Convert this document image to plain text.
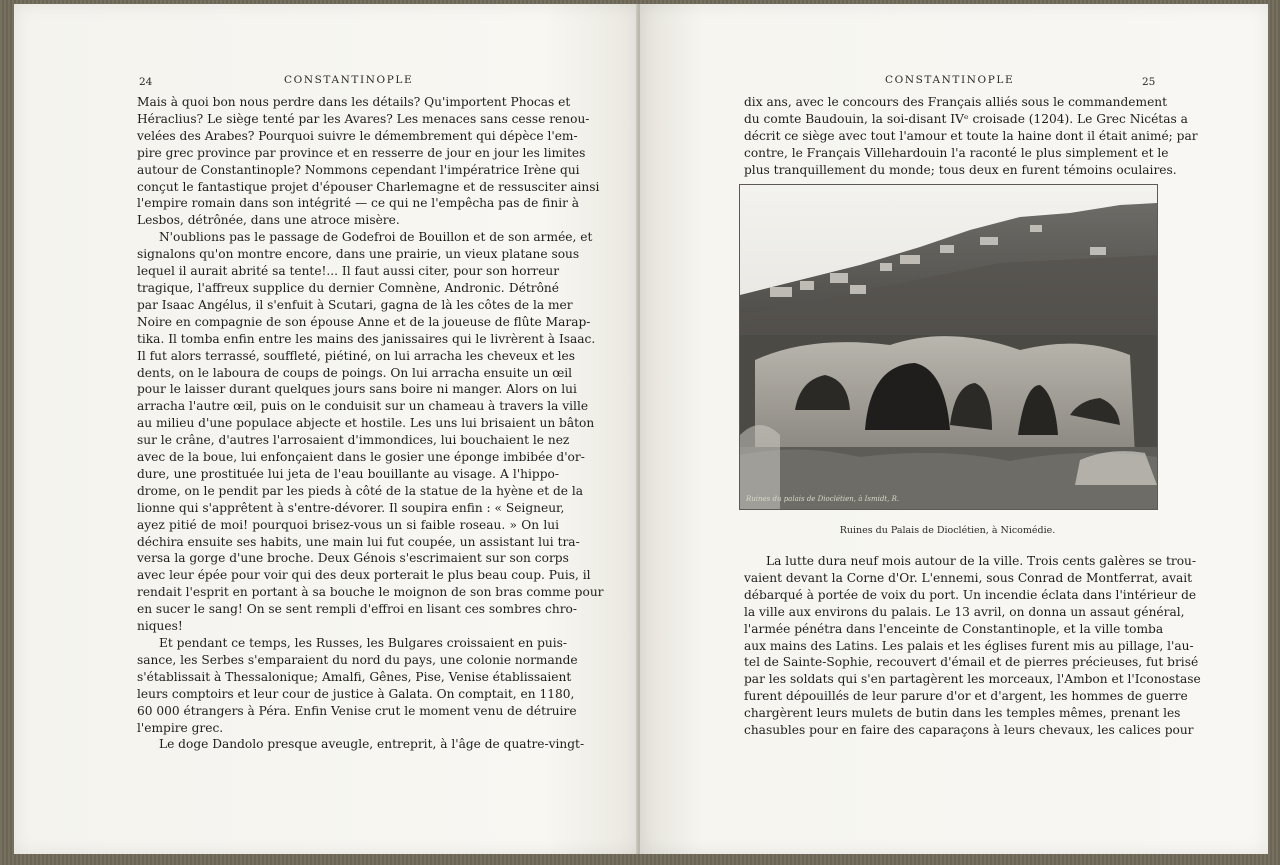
24	CONSTANTINOPLE

Mais à quoi bon nous perdre dans les détails? Qu'importent Phocas et
Héraclius? Le siège tenté par les Avares? Les menaces sans cesse renou-
velées des Arabes? Pourquoi suivre le démembrement qui dépèce l'em-
pire grec province par province et en resserre de jour en jour les limites
autour de Constantinople? Nommons cependant l'impératrice Irène qui
conçut le fantastique projet d'épouser Charlemagne et de ressusciter ainsi
l'empire romain dans son intégrité — ce qui ne l'empêcha pas de finir à
Lesbos, détrônée, dans une atroce misère.

N'oublions pas le passage de Godefroi de Bouillon et de son armée, et
signalons qu'on montre encore, dans une prairie, un vieux platane sous
lequel il aurait abrité sa tente!... Il faut aussi citer, pour son horreur
tragique, l'affreux supplice du dernier Comnène, Andronic. Détrôné
par Isaac Angélus, il s'enfuit à Scutari, gagna de là les côtes de la mer
Noire en compagnie de son épouse Anne et de la joueuse de flûte Marap-
tika. Il tomba enfin entre les mains des janissaires qui le livrèrent à Isaac.
Il fut alors terrassé, souffleté, piétiné, on lui arracha les cheveux et les
dents, on le laboura de coups de poings. On lui arracha ensuite un œil
pour le laisser durant quelques jours sans boire ni manger. Alors on lui
arracha l'autre œil, puis on le conduisit sur un chameau à travers la ville
au milieu d'une populace abjecte et hostile. Les uns lui brisaient un bâton
sur le crâne, d'autres l'arrosaient d'immondices, lui bouchaient le nez
avec de la boue, lui enfonçaient dans le gosier une éponge imbibée d'or-
dure, une prostituée lui jeta de l'eau bouillante au visage. A l'hippo-
drome, on le pendit par les pieds à côté de la statue de la hyène et de la
lionne qui s'apprêtent à s'entre-dévorer. Il soupira enfin : « Seigneur,
ayez pitié de moi! pourquoi brisez-vous un si faible roseau. » On lui
déchira ensuite ses habits, une main lui fut coupée, un assistant lui tra-
versa la gorge d'une broche. Deux Génois s'escrimaient sur son corps
avec leur épée pour voir qui des deux porterait le plus beau coup. Puis, il
rendait l'esprit en portant à sa bouche le moignon de son bras comme pour
en sucer le sang! On se sent rempli d'effroi en lisant ces sombres chro-
niques!

Et pendant ce temps, les Russes, les Bulgares croissaient en puis-
sance, les Serbes s'emparaient du nord du pays, une colonie normande
s'établissait à Thessalonique; Amalfi, Gênes, Pise, Venise établissaient
leurs comptoirs et leur cour de justice à Galata. On comptait, en 1180,
60 000 étrangers à Péra. Enfin Venise crut le moment venu de détruire
l'empire grec.

Le doge Dandolo presque aveugle, entreprit, à l'âge de quatre-vingt-

CONSTANTINOPLE	25

dix ans, avec le concours des Français alliés sous le commandement
du comte Baudouin, la soi-disant IVᵉ croisade (1204). Le Grec Nicétas a
décrit ce siège avec tout l'amour et toute la haine dont il était animé; par
contre, le Français Villehardouin l'a raconté le plus simplement et le
plus tranquillement du monde; tous deux en furent témoins oculaires.

Ruines du palais de Dioclétien, à Ismidt, R.
Ruines du Palais de Dioclétien, à Nicomédie.

La lutte dura neuf mois autour de la ville. Trois cents galères se trou-
vaient devant la Corne d'Or. L'ennemi, sous Conrad de Montferrat, avait
débarqué à portée de voix du port. Un incendie éclata dans l'intérieur de
la ville aux environs du palais. Le 13 avril, on donna un assaut général,
l'armée pénétra dans l'enceinte de Constantinople, et la ville tomba
aux mains des Latins. Les palais et les églises furent mis au pillage, l'au-
tel de Sainte-Sophie, recouvert d'émail et de pierres précieuses, fut brisé
par les soldats qui s'en partagèrent les morceaux, l'Ambon et l'Iconostase
furent dépouillés de leur parure d'or et d'argent, les hommes de guerre
chargèrent leurs mulets de butin dans les temples mêmes, prenant les
chasubles pour en faire des caparaçons à leurs chevaux, les calices pour
